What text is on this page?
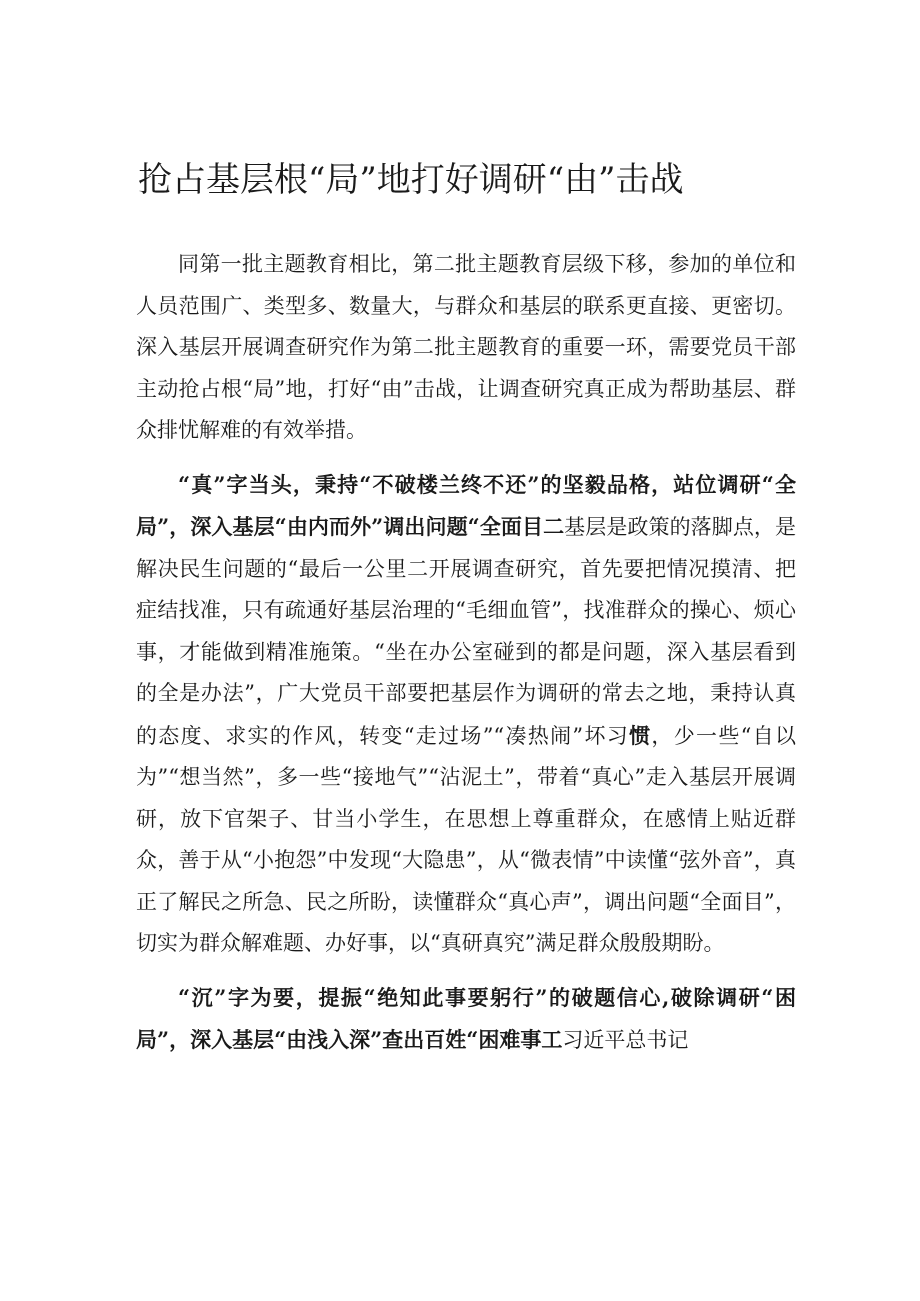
抢占基层根“局”地打好调研“由”击战

同第一批主题教育相比，第二批主题教育层级下移，参加的单位和人员范围广、类型多、数量大，与群众和基层的联系更直接、更密切。深入基层开展调查研究作为第二批主题教育的重要一环，需要党员干部主动抢占根“局”地，打好“由”击战，让调查研究真正成为帮助基层、群众排忧解难的有效举措。

“真”字当头，秉持“不破楼兰终不还”的坚毅品格，站位调研“全局”，深入基层“由内而外”调出问题“全面目二基层是政策的落脚点，是解决民生问题的“最后一公里二开展调查研究，首先要把情况摸清、把症结找准，只有疏通好基层治理的“毛细血管”，找准群众的操心、烦心事，才能做到精准施策。“坐在办公室碰到的都是问题，深入基层看到的全是办法”，广大党员干部要把基层作为调研的常去之地，秉持认真的态度、求实的作风，转变“走过场”“凑热闹”坏习惯，少一些“自以为”“想当然”，多一些“接地气”“沾泥土”，带着“真心”走入基层开展调研，放下官架子、甘当小学生，在思想上尊重群众，在感情上贴近群众，善于从“小抱怨”中发现“大隐患”，从“微表情”中读懂“弦外音”，真正了解民之所急、民之所盼，读懂群众“真心声”，调出问题“全面目”，切实为群众解难题、办好事，以“真研真究”满足群众殷殷期盼。

“沉”字为要，提振“绝知此事要躬行”的破题信心,破除调研“困局”，深入基层“由浅入深”查出百姓“困难事工习近平总书记
